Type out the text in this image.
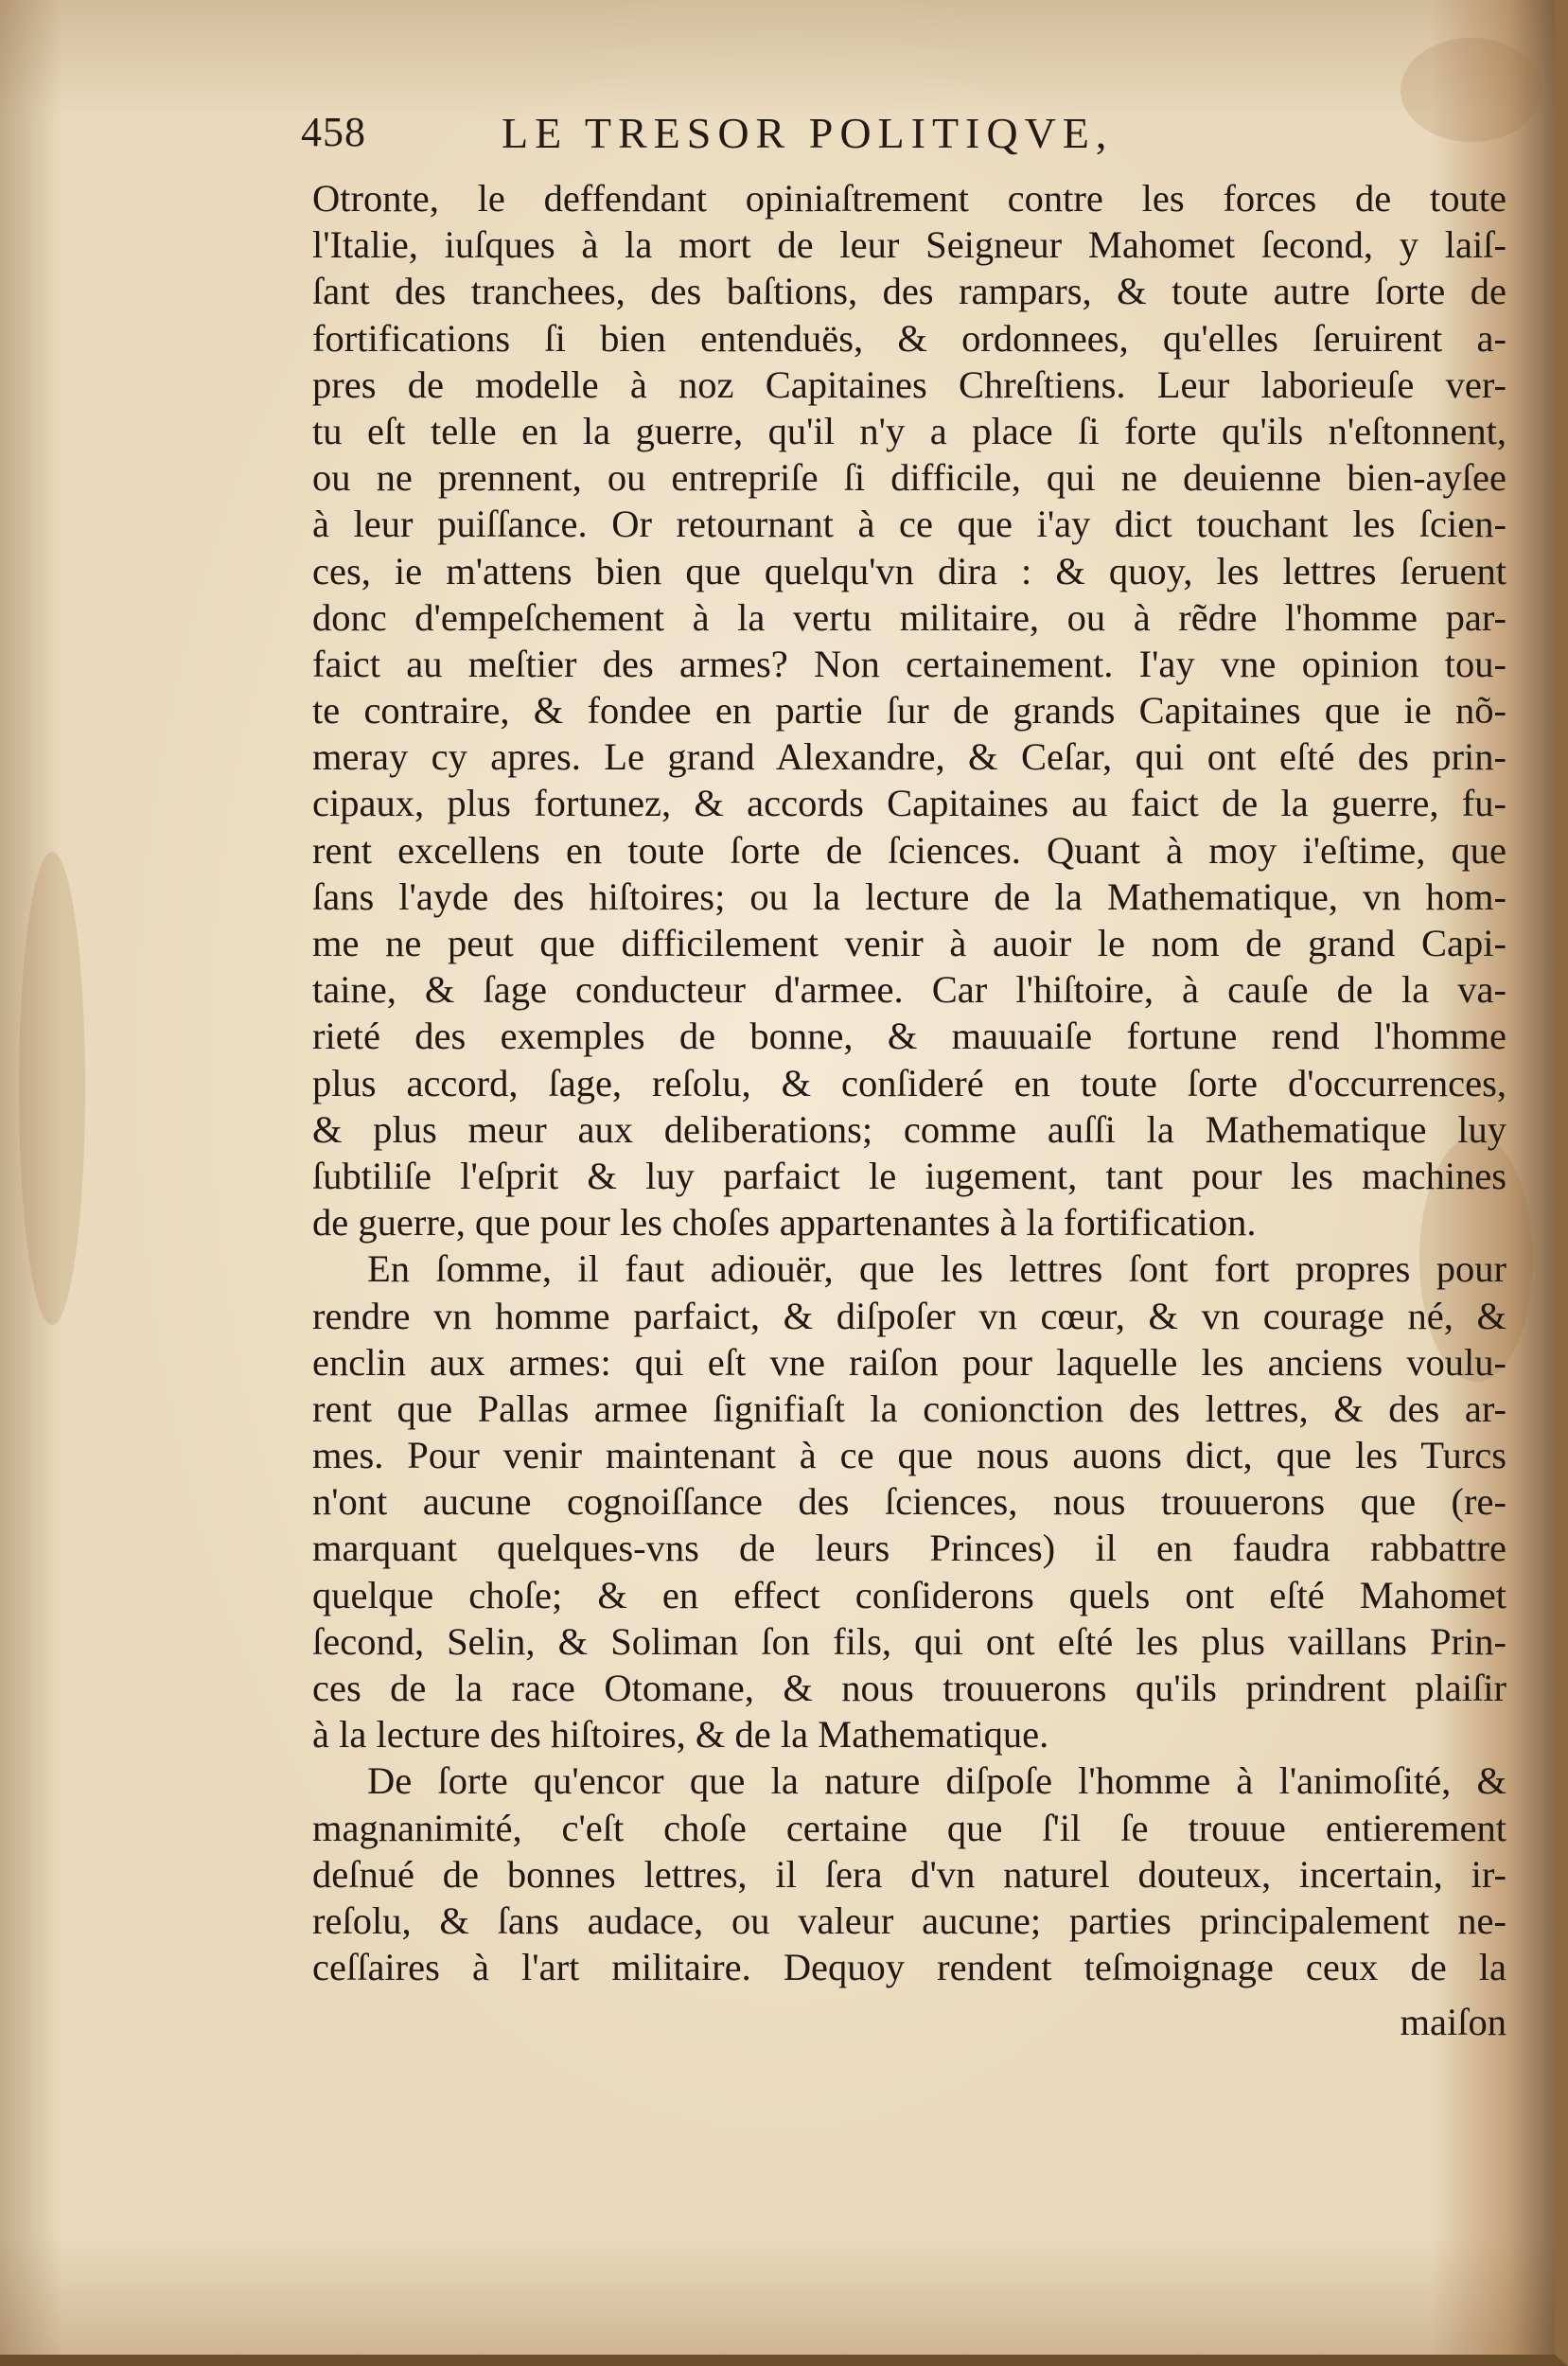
458	LE TRESOR POLITIQVE,
Otronte, le deffendant opiniaſtrement contre les forces de toute
l'Italie, iuſques à la mort de leur Seigneur Mahomet ſecond, y laiſ-
ſant des tranchees, des baſtions, des rampars, & toute autre ſorte de
fortifications ſi bien entenduës, & ordonnees, qu'elles ſeruirent a-
pres de modelle à noz Capitaines Chreſtiens. Leur laborieuſe ver-
tu eſt telle en la guerre, qu'il n'y a place ſi forte qu'ils n'eſtonnent,
ou ne prennent, ou entrepriſe ſi difficile, qui ne deuienne bien-ayſee
à leur puiſſance. Or retournant à ce que i'ay dict touchant les ſcien-
ces, ie m'attens bien que quelqu'vn dira : & quoy, les lettres ſeruent
donc d'empeſchement à la vertu militaire, ou à rẽdre l'homme par-
faict au meſtier des armes? Non certainement. I'ay vne opinion tou-
te contraire, & fondee en partie ſur de grands Capitaines que ie nõ-
meray cy apres. Le grand Alexandre, & Ceſar, qui ont eſté des prin-
cipaux, plus fortunez, & accords Capitaines au faict de la guerre, fu-
rent excellens en toute ſorte de ſciences. Quant à moy i'eſtime, que
ſans l'ayde des hiſtoires; ou la lecture de la Mathematique, vn hom-
me ne peut que difficilement venir à auoir le nom de grand Capi-
taine, & ſage conducteur d'armee. Car l'hiſtoire, à cauſe de la va-
rieté des exemples de bonne, & mauuaiſe fortune rend l'homme
plus accord, ſage, reſolu, & conſideré en toute ſorte d'occurrences,
& plus meur aux deliberations; comme auſſi la Mathematique luy
ſubtiliſe l'eſprit & luy parfaict le iugement, tant pour les machines
de guerre, que pour les choſes appartenantes à la fortification.
En ſomme, il faut adiouër, que les lettres ſont fort propres pour
rendre vn homme parfaict, & diſpoſer vn cœur, & vn courage né, &
enclin aux armes: qui eſt vne raiſon pour laquelle les anciens voulu-
rent que Pallas armee ſignifiaſt la conionction des lettres, & des ar-
mes. Pour venir maintenant à ce que nous auons dict, que les Turcs
n'ont aucune cognoiſſance des ſciences, nous trouuerons que (re-
marquant quelques-vns de leurs Princes) il en faudra rabbattre
quelque choſe; & en effect conſiderons quels ont eſté Mahomet
ſecond, Selin, & Soliman ſon fils, qui ont eſté les plus vaillans Prin-
ces de la race Otomane, & nous trouuerons qu'ils prindrent plaiſir
à la lecture des hiſtoires, & de la Mathematique.
De ſorte qu'encor que la nature diſpoſe l'homme à l'animoſité, &
magnanimité, c'eſt choſe certaine que ſ'il ſe trouue entierement
deſnué de bonnes lettres, il ſera d'vn naturel douteux, incertain, ir-
reſolu, & ſans audace, ou valeur aucune; parties principalement ne-
ceſſaires à l'art militaire. Dequoy rendent teſmoignage ceux de la
maiſon
